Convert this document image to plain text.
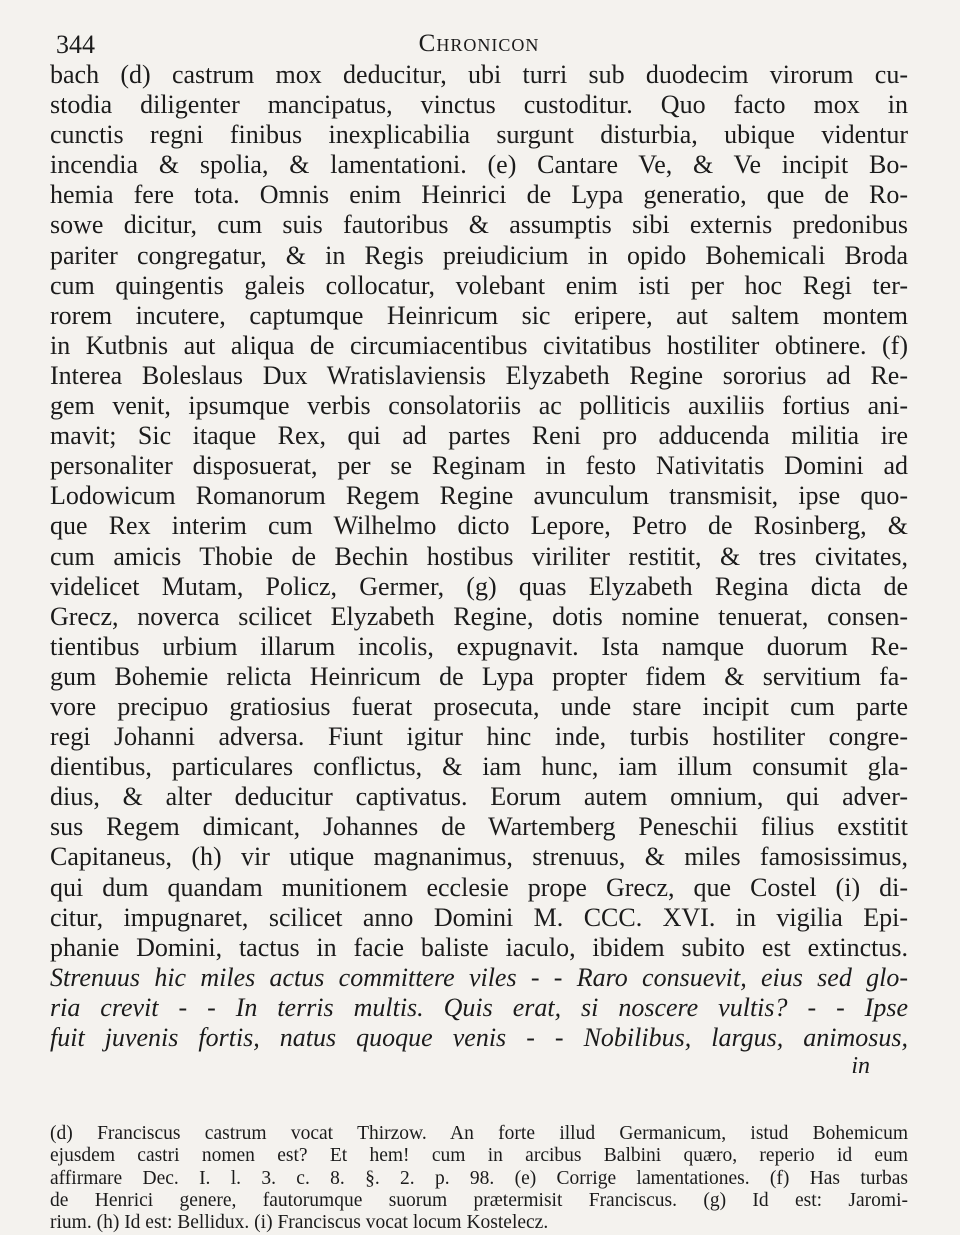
344	Chronicon
bach (d) castrum mox deducitur, ubi turri sub duodecim virorum cu-
stodia diligenter mancipatus, vinctus custoditur. Quo facto mox in
cunctis regni finibus inexplicabilia surgunt disturbia, ubique videntur
incendia & spolia, & lamentationi. (e) Cantare Ve, & Ve incipit Bo-
hemia fere tota. Omnis enim Heinrici de Lypa generatio, que de Ro-
sowe dicitur, cum suis fautoribus & assumptis sibi externis predonibus
pariter congregatur, & in Regis preiudicium in opido Bohemicali Broda
cum quingentis galeis collocatur, volebant enim isti per hoc Regi ter-
rorem incutere, captumque Heinricum sic eripere, aut saltem montem
in Kutbnis aut aliqua de circumiacentibus civitatibus hostiliter obtinere. (f)
Interea Boleslaus Dux Wratislaviensis Elyzabeth Regine sororius ad Re-
gem venit, ipsumque verbis consolatoriis ac polliticis auxiliis fortius ani-
mavit; Sic itaque Rex, qui ad partes Reni pro adducenda militia ire
personaliter disposuerat, per se Reginam in festo Nativitatis Domini ad
Lodowicum Romanorum Regem Regine avunculum transmisit, ipse quo-
que Rex interim cum Wilhelmo dicto Lepore, Petro de Rosinberg, &
cum amicis Thobie de Bechin hostibus viriliter restitit, & tres civitates,
videlicet Mutam, Policz, Germer, (g) quas Elyzabeth Regina dicta de
Grecz, noverca scilicet Elyzabeth Regine, dotis nomine tenuerat, consen-
tientibus urbium illarum incolis, expugnavit. Ista namque duorum Re-
gum Bohemie relicta Heinricum de Lypa propter fidem & servitium fa-
vore precipuo gratiosius fuerat prosecuta, unde stare incipit cum parte
regi Johanni adversa. Fiunt igitur hinc inde, turbis hostiliter congre-
dientibus, particulares conflictus, & iam hunc, iam illum consumit gla-
dius, & alter deducitur captivatus. Eorum autem omnium, qui adver-
sus Regem dimicant, Johannes de Wartemberg Peneschii filius exstitit
Capitaneus, (h) vir utique magnanimus, strenuus, & miles famosissimus,
qui dum quandam munitionem ecclesie prope Grecz, que Costel (i) di-
citur, impugnaret, scilicet anno Domini M. CCC. XVI. in vigilia Epi-
phanie Domini, tactus in facie baliste iaculo, ibidem subito est extinctus.
Strenuus hic miles actus committere viles - - Raro consuevit, eius sed glo-
ria crevit - - In terris multis. Quis erat, si noscere vultis? - - Ipse
fuit juvenis fortis, natus quoque venis - - Nobilibus, largus, animosus,
in
(d) Franciscus castrum vocat Thirzow. An forte illud Germanicum, istud Bohemicum
ejusdem castri nomen est? Et hem! cum in arcibus Balbini quæro, reperio id eum
affirmare Dec. I. l. 3. c. 8. §. 2. p. 98. (e) Corrige lamentationes. (f) Has turbas
de Henrici genere, fautorumque suorum prætermisit Franciscus. (g) Id est: Jaromi-
rium. (h) Id est: Bellidux. (i) Franciscus vocat locum Kostelecz.
